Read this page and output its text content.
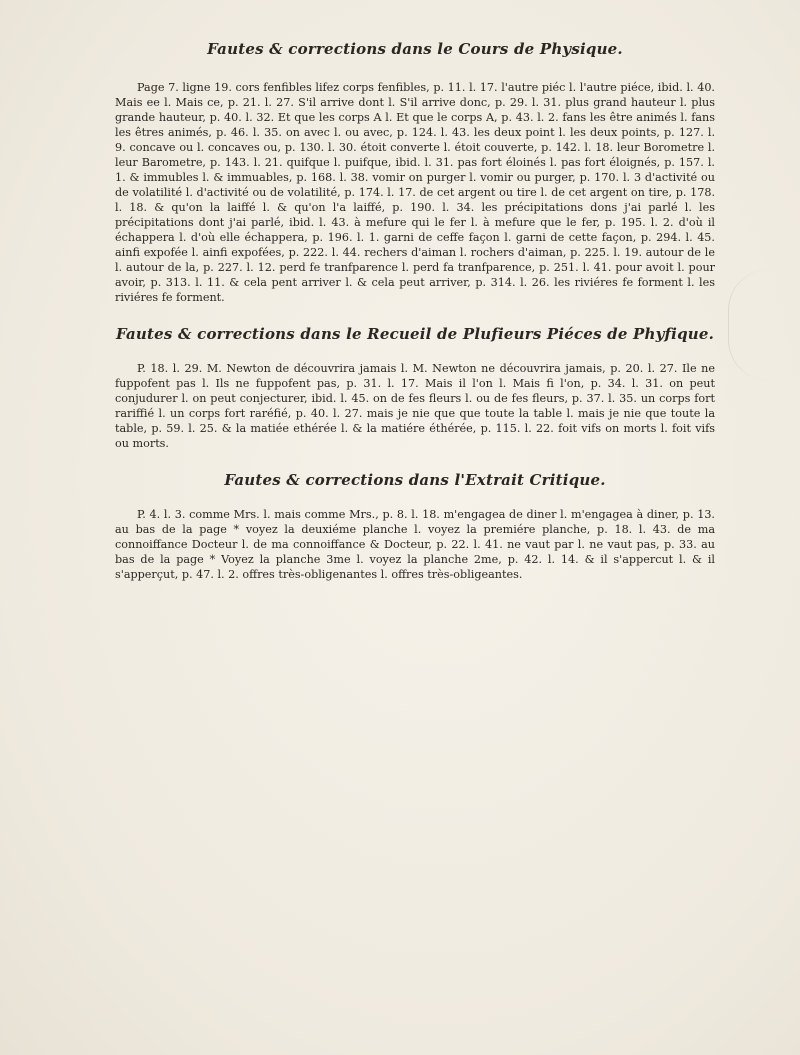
Fautes & corrections dans le Cours de Physique.

Page 7. ligne 19. cors fenfibles lifez corps fenfibles, p. 11. l. 17. l'autre piéc l. l'autre piéce, ibid. l. 40. Mais ee l. Mais ce, p. 21. l. 27. S'il arrive dont l. S'il arrive donc, p. 29. l. 31. plus grand hauteur l. plus grande hauteur, p. 40. l. 32. Et que les corps A l. Et que le corps A, p. 43. l. 2. fans les être animés l. fans les êtres animés, p. 46. l. 35. on avec l. ou avec, p. 124. l. 43. les deux point l. les deux points, p. 127. l. 9. concave ou l. concaves ou, p. 130. l. 30. étoit converte l. étoit couverte, p. 142. l. 18. leur Borometre l. leur Barometre, p. 143. l. 21. quifque l. puifque, ibid. l. 31. pas fort éloinés l. pas fort éloignés, p. 157. l. 1. & immubles l. & immuables, p. 168. l. 38. vomir on purger l. vomir ou purger, p. 170. l. 3 d'activité ou de volatilité l. d'activité ou de volatilité, p. 174. l. 17. de cet argent ou tire l. de cet argent on tire, p. 178. l. 18. & qu'on la laiffé l. & qu'on l'a laiffé, p. 190. l. 34. les précipitations dons j'ai parlé l. les précipitations dont j'ai parlé, ibid. l. 43. à mefure qui le fer l. à mefure que le fer, p. 195. l. 2. d'où il échappera l. d'où elle échappera, p. 196. l. 1. garni de ceffe façon l. garni de cette façon, p. 294. l. 45. ainfi expofée l. ainfi expofées, p. 222. l. 44. rechers d'aiman l. rochers d'aiman, p. 225. l. 19. autour de le l. autour de la, p. 227. l. 12. perd fe tranfparence l. perd fa tranfparence, p. 251. l. 41. pour avoit l. pour avoir, p. 313. l. 11. & cela pent arriver l. & cela peut arriver, p. 314. l. 26. les riviéres fe forment l. les riviéres fe forment.

Fautes & corrections dans le Recueil de Plufieurs Piéces de Phyfique.

P. 18. l. 29. M. Newton de découvrira jamais l. M. Newton ne découvrira jamais, p. 20. l. 27. Ile ne fuppofent pas l. Ils ne fuppofent pas, p. 31. l. 17. Mais il l'on l. Mais fi l'on, p. 34. l. 31. on peut conjudurer l. on peut conjecturer, ibid. l. 45. on de fes fleurs l. ou de fes fleurs, p. 37. l. 35. un corps fort rariffié l. un corps fort raréfié, p. 40. l. 27. mais je nie que que toute la table l. mais je nie que toute la table, p. 59. l. 25. & la matiée ethérée l. & la matiére éthérée, p. 115. l. 22. foit vifs on morts l. foit vifs ou morts.

Fautes & corrections dans l'Extrait Critique.

P. 4. l. 3. comme Mrs. l. mais comme Mrs., p. 8. l. 18. m'engagea de diner l. m'engagea à diner, p. 13. au bas de la page * voyez la deuxiéme planche l. voyez la premiére planche, p. 18. l. 43. de ma connoiffance Docteur l. de ma connoiffance & Docteur, p. 22. l. 41. ne vaut par l. ne vaut pas, p. 33. au bas de la page * Voyez la planche 3me l. voyez la planche 2me, p. 42. l. 14. & il s'appercut l. & il s'apperçut, p. 47. l. 2. offres très-obligenantes l. offres très-obligeantes.
